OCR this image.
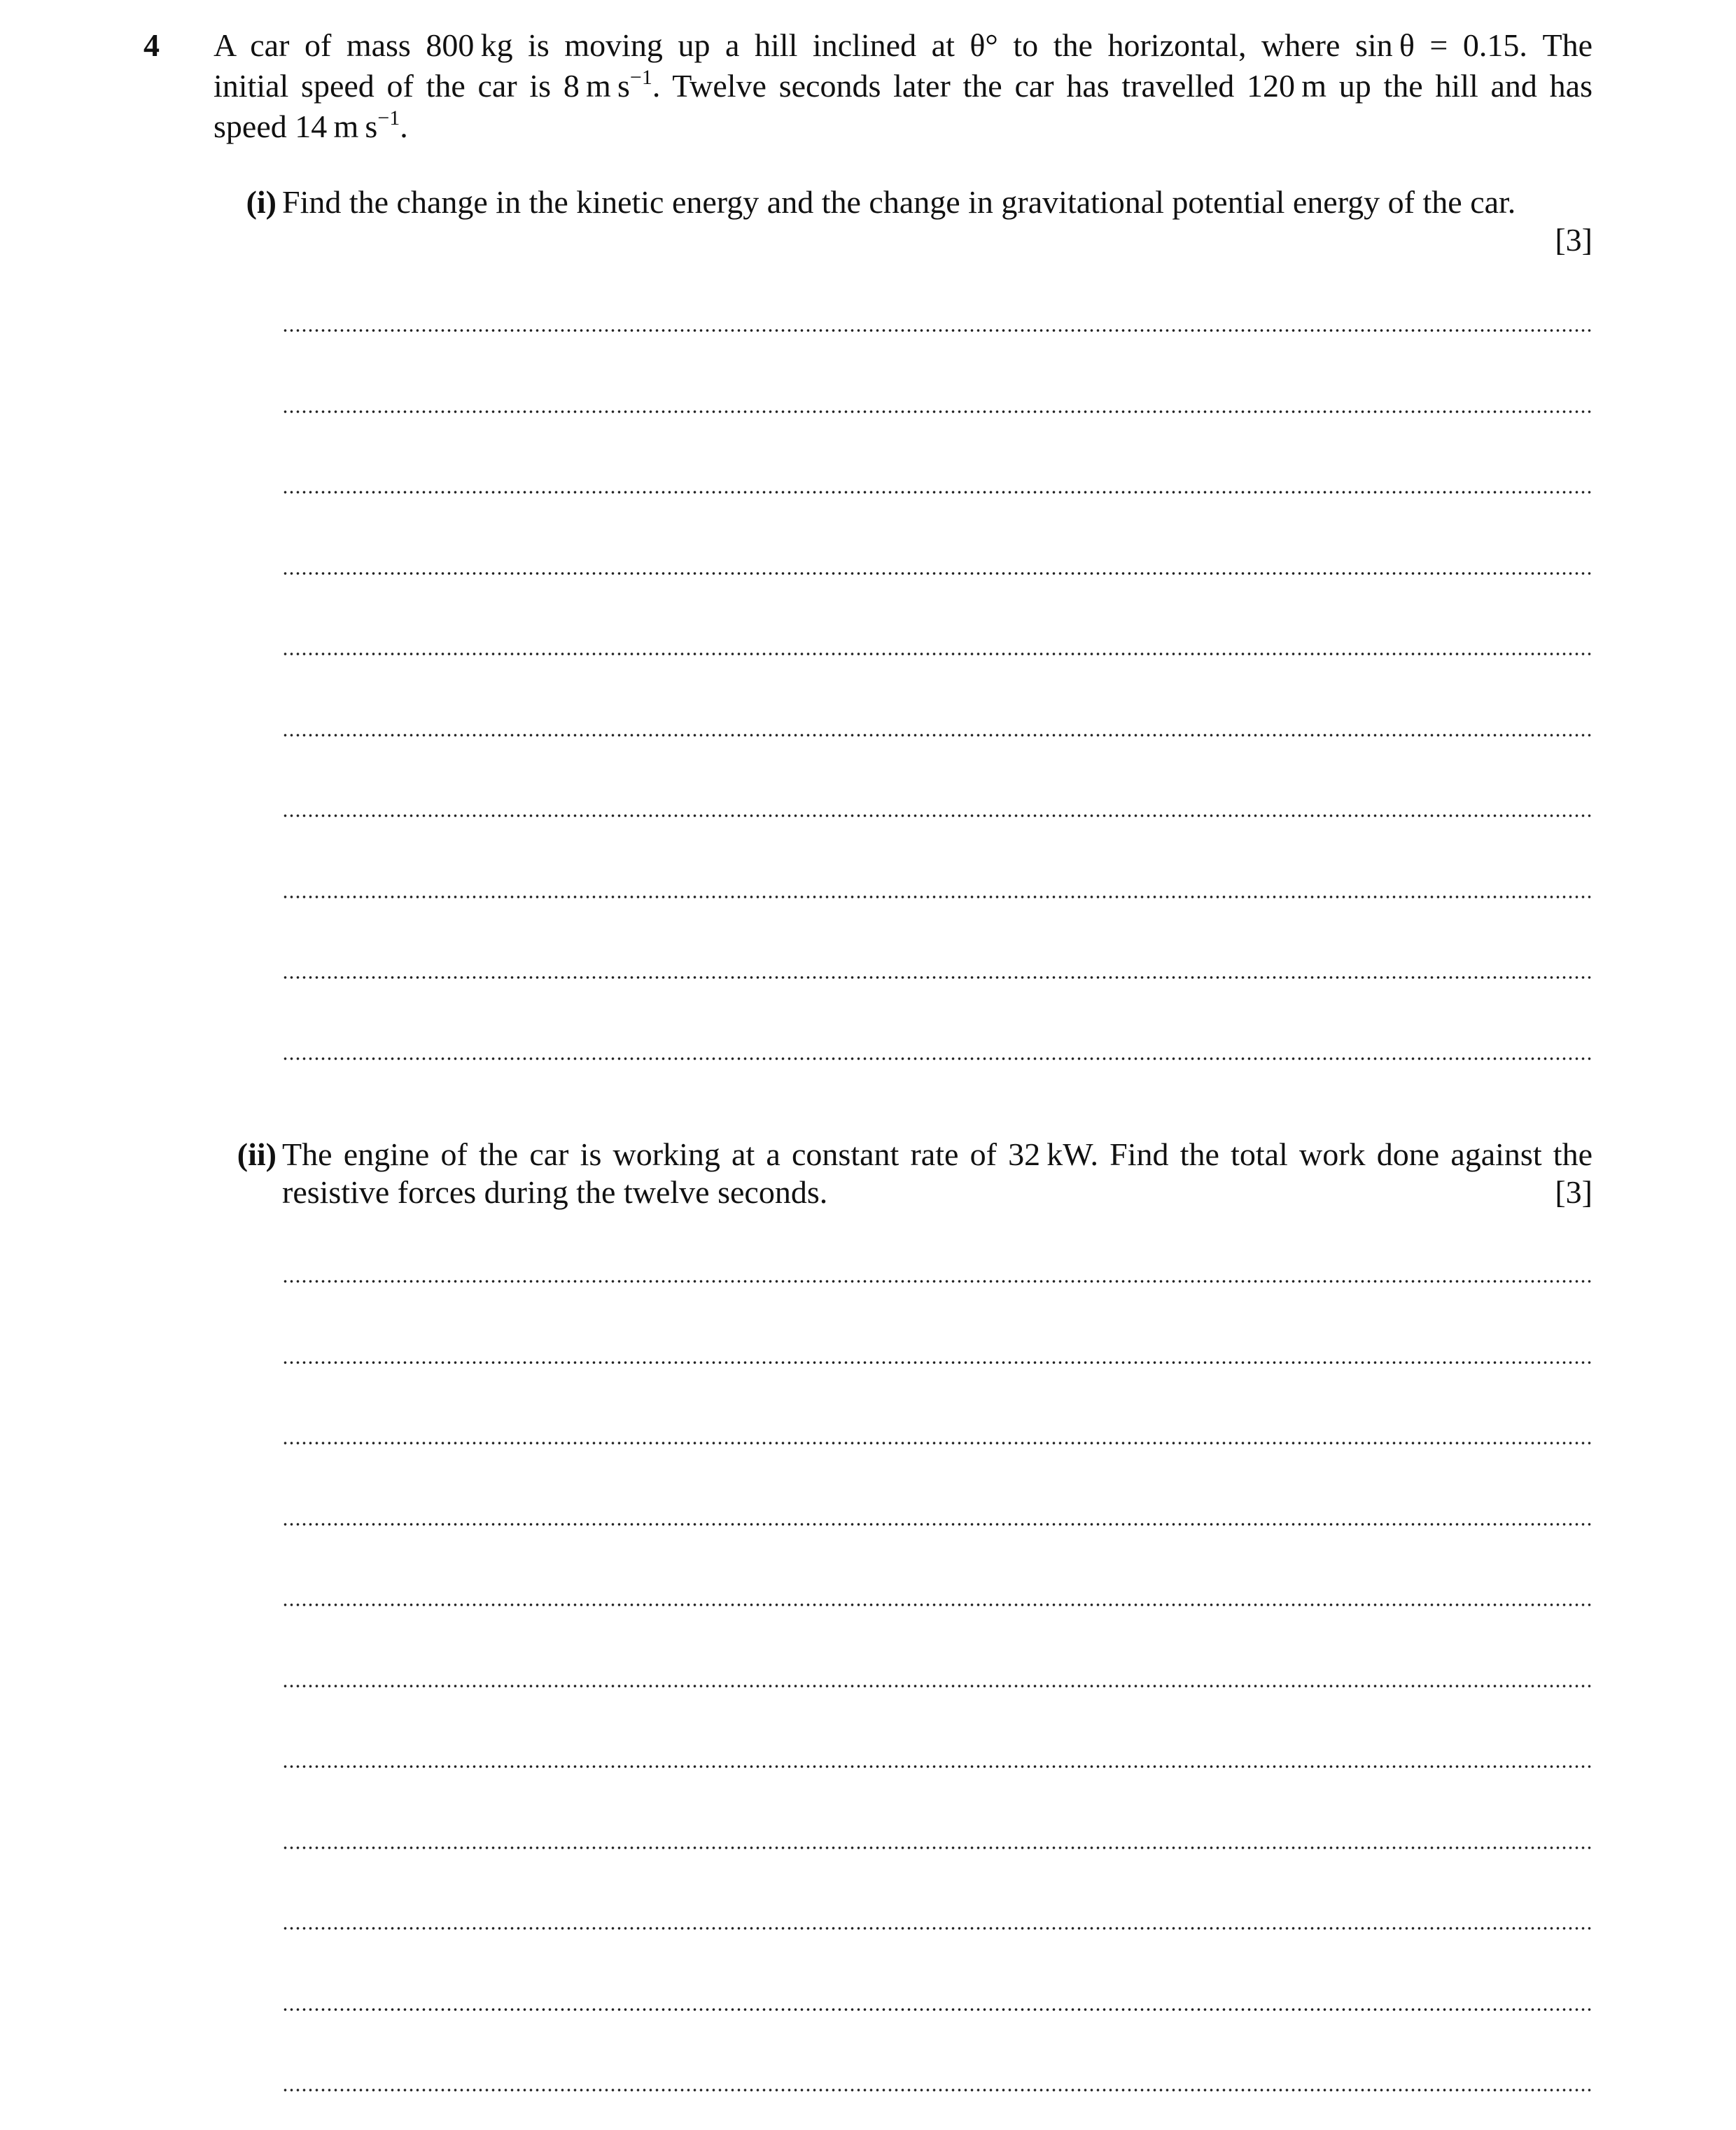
4 A car of mass 800 kg is moving up a hill inclined at θ° to the horizontal, where sin θ = 0.15. The
initial speed of the car is 8 m $s^{-1}$. Twelve seconds later the car has travelled 120 m up the hill and has
speed 14 m $s^{-1}$.
(i) Find the change in the kinetic energy and the change in gravitational potential energy of the car.
[3]
(ii) The engine of the car is working at a constant rate of 32 kW. Find the total work done against the
resistive forces during the twelve seconds.	[3]
